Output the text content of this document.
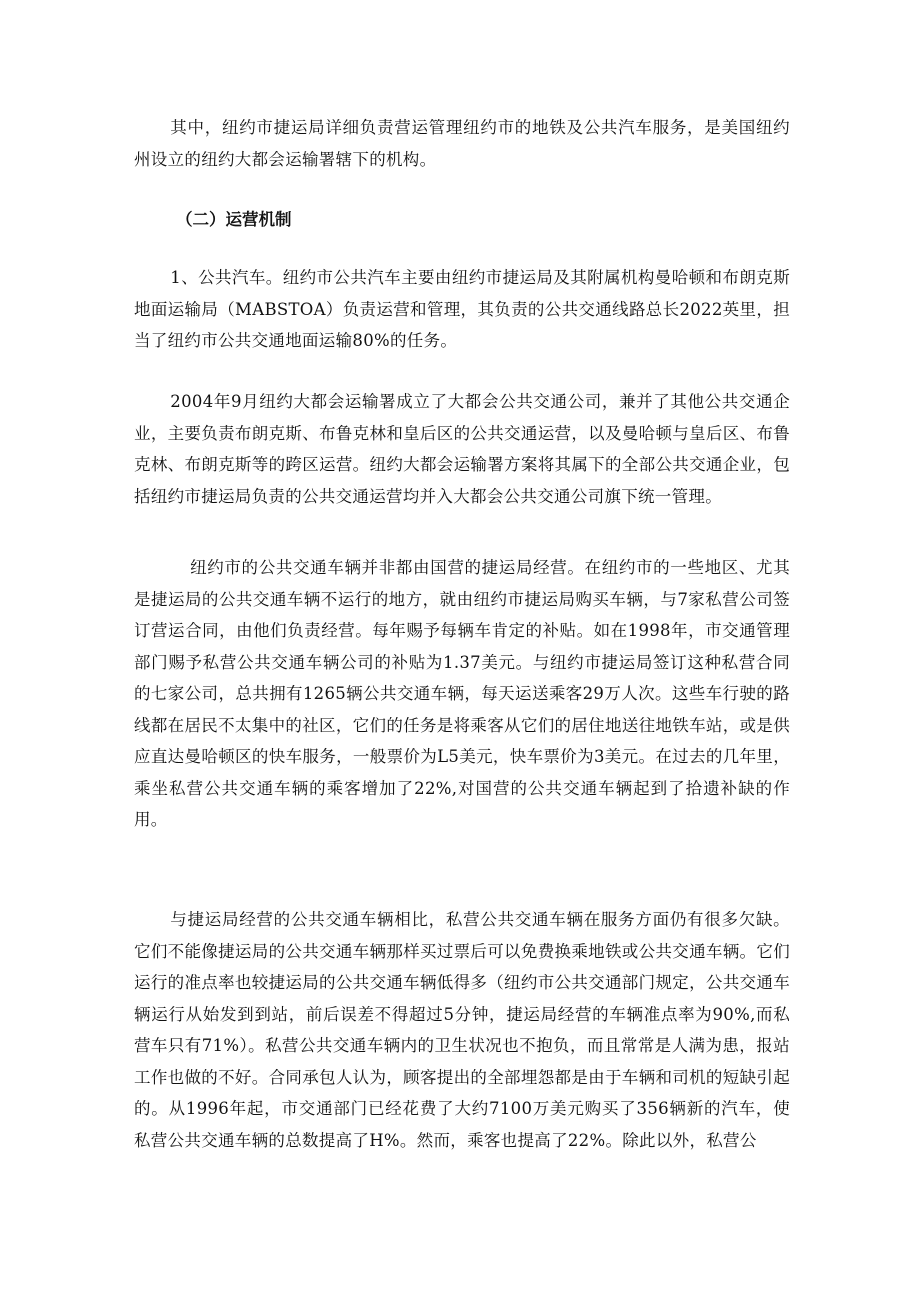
其中，纽约市捷运局详细负责营运管理纽约市的地铁及公共汽车服务，是美国纽约州设立的纽约大都会运输署辖下的机构。

（二）运营机制

1、公共汽车。纽约市公共汽车主要由纽约市捷运局及其附属机构曼哈顿和布朗克斯地面运输局（MABSTOA）负责运营和管理，其负责的公共交通线路总长2022英里，担当了纽约市公共交通地面运输80%的任务。

2004年9月纽约大都会运输署成立了大都会公共交通公司，兼并了其他公共交通企业，主要负责布朗克斯、布鲁克林和皇后区的公共交通运营，以及曼哈顿与皇后区、布鲁克林、布朗克斯等的跨区运营。纽约大都会运输署方案将其属下的全部公共交通企业，包括纽约市捷运局负责的公共交通运营均并入大都会公共交通公司旗下统一管理。

纽约市的公共交通车辆并非都由国营的捷运局经营。在纽约市的一些地区、尤其是捷运局的公共交通车辆不运行的地方，就由纽约市捷运局购买车辆，与7家私营公司签订营运合同，由他们负责经营。每年赐予每辆车肯定的补贴。如在1998年，市交通管理部门赐予私营公共交通车辆公司的补贴为1.37美元。与纽约市捷运局签订这种私营合同的七家公司，总共拥有1265辆公共交通车辆，每天运送乘客29万人次。这些车行驶的路线都在居民不太集中的社区，它们的任务是将乘客从它们的居住地送往地铁车站，或是供应直达曼哈顿区的快车服务，一般票价为L5美元，快车票价为3美元。在过去的几年里，乘坐私营公共交通车辆的乘客增加了22%,对国营的公共交通车辆起到了拾遗补缺的作用。

与捷运局经营的公共交通车辆相比，私营公共交通车辆在服务方面仍有很多欠缺。它们不能像捷运局的公共交通车辆那样买过票后可以免费换乘地铁或公共交通车辆。它们运行的准点率也较捷运局的公共交通车辆低得多（纽约市公共交通部门规定，公共交通车辆运行从始发到到站，前后误差不得超过5分钟，捷运局经营的车辆准点率为90%,而私营车只有71%）。私营公共交通车辆内的卫生状况也不抱负，而且常常是人满为患，报站工作也做的不好。合同承包人认为，顾客提出的全部埋怨都是由于车辆和司机的短缺引起的。从1996年起，市交通部门已经花费了大约7100万美元购买了356辆新的汽车，使私营公共交通车辆的总数提高了H%。然而，乘客也提高了22%。除此以外，私营公
